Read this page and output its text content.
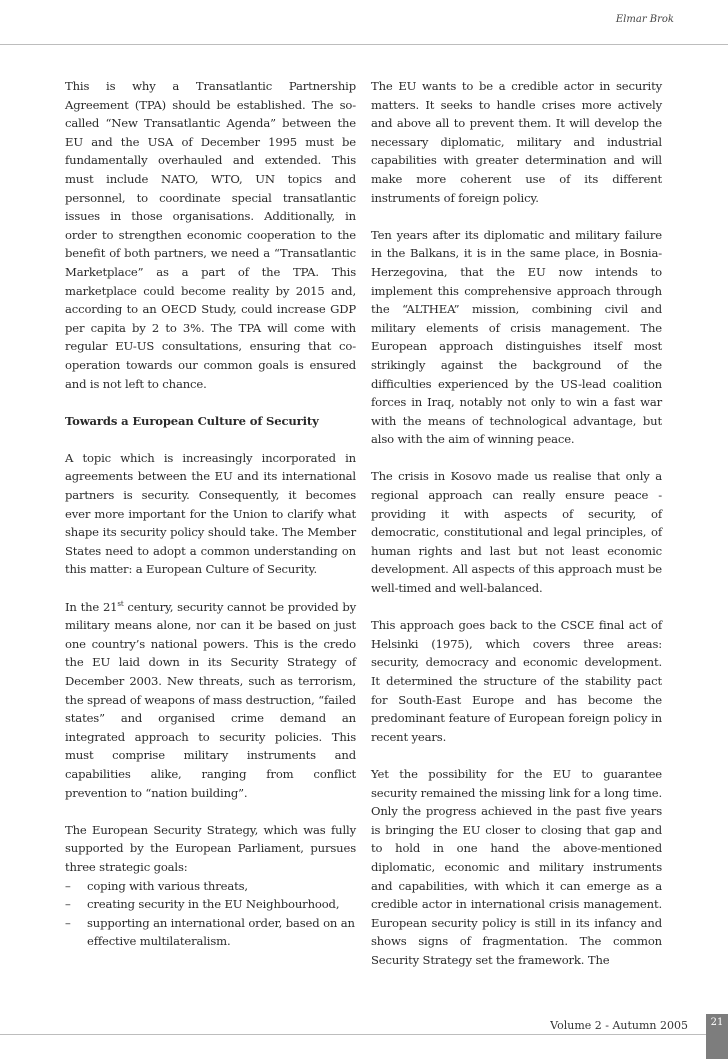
Elmar Brok

This is why a Transatlantic Partnership Agreement (TPA) should be established. The so-called “New Transatlantic Agenda” between the EU and the USA of December 1995 must be fundamentally overhauled and extended. This must include NATO, WTO, UN topics and personnel, to coordinate special transatlantic issues in those organisations. Additionally, in order to strengthen economic cooperation to the benefit of both partners, we need a “Transatlantic Marketplace” as a part of the TPA. This marketplace could become reality by 2015 and, according to an OECD Study, could increase GDP per capita by 2 to 3%. The TPA will come with regular EU-US consultations, ensuring that co-operation towards our common goals is ensured and is not left to chance.

Towards a European Culture of Security

A topic which is increasingly incorporated in agreements between the EU and its international partners is security. Consequently, it becomes ever more important for the Union to clarify what shape its security policy should take. The Member States need to adopt a common understanding on this matter: a European Culture of Security.

In the 21st century, security cannot be provided by military means alone, nor can it be based on just one country’s national powers. This is the credo the EU laid down in its Security Strategy of December 2003. New threats, such as terrorism, the spread of weapons of mass destruction, “failed states” and organised crime demand an integrated approach to security policies. This must comprise military instruments and capabilities alike, ranging from conflict prevention to “nation building”.

The European Security Strategy, which was fully supported by the European Parliament, pursues three strategic goals:

– coping with various threats,
– creating security in the EU Neighbourhood,
– supporting an international order, based on an effective multilateralism.

The EU wants to be a credible actor in security matters. It seeks to handle crises more actively and above all to prevent them. It will develop the necessary diplomatic, military and industrial capabilities with greater determination and will make more coherent use of its different instruments of foreign policy.

Ten years after its diplomatic and military failure in the Balkans, it is in the same place, in Bosnia-Herzegovina, that the EU now intends to implement this comprehensive approach through the “ALTHEA” mission, combining civil and military elements of crisis management. The European approach distinguishes itself most strikingly against the background of the difficulties experienced by the US-lead coalition forces in Iraq, notably not only to win a fast war with the means of technological advantage, but also with the aim of winning peace.

The crisis in Kosovo made us realise that only a regional approach can really ensure peace - providing it with aspects of security, of democratic, constitutional and legal principles, of human rights and last but not least economic development. All aspects of this approach must be well-timed and well-balanced.

This approach goes back to the CSCE final act of Helsinki (1975), which covers three areas: security, democracy and economic development. It determined the structure of the stability pact for South-East Europe and has become the predominant feature of European foreign policy in recent years.

Yet the possibility for the EU to guarantee security remained the missing link for a long time. Only the progress achieved in the past five years is bringing the EU closer to closing that gap and to hold in one hand the above-mentioned diplomatic, economic and military instruments and capabilities, with which it can emerge as a credible actor in international crisis management. European security policy is still in its infancy and shows signs of fragmentation. The common Security Strategy set the framework. The

Volume 2 - Autumn 2005	21
